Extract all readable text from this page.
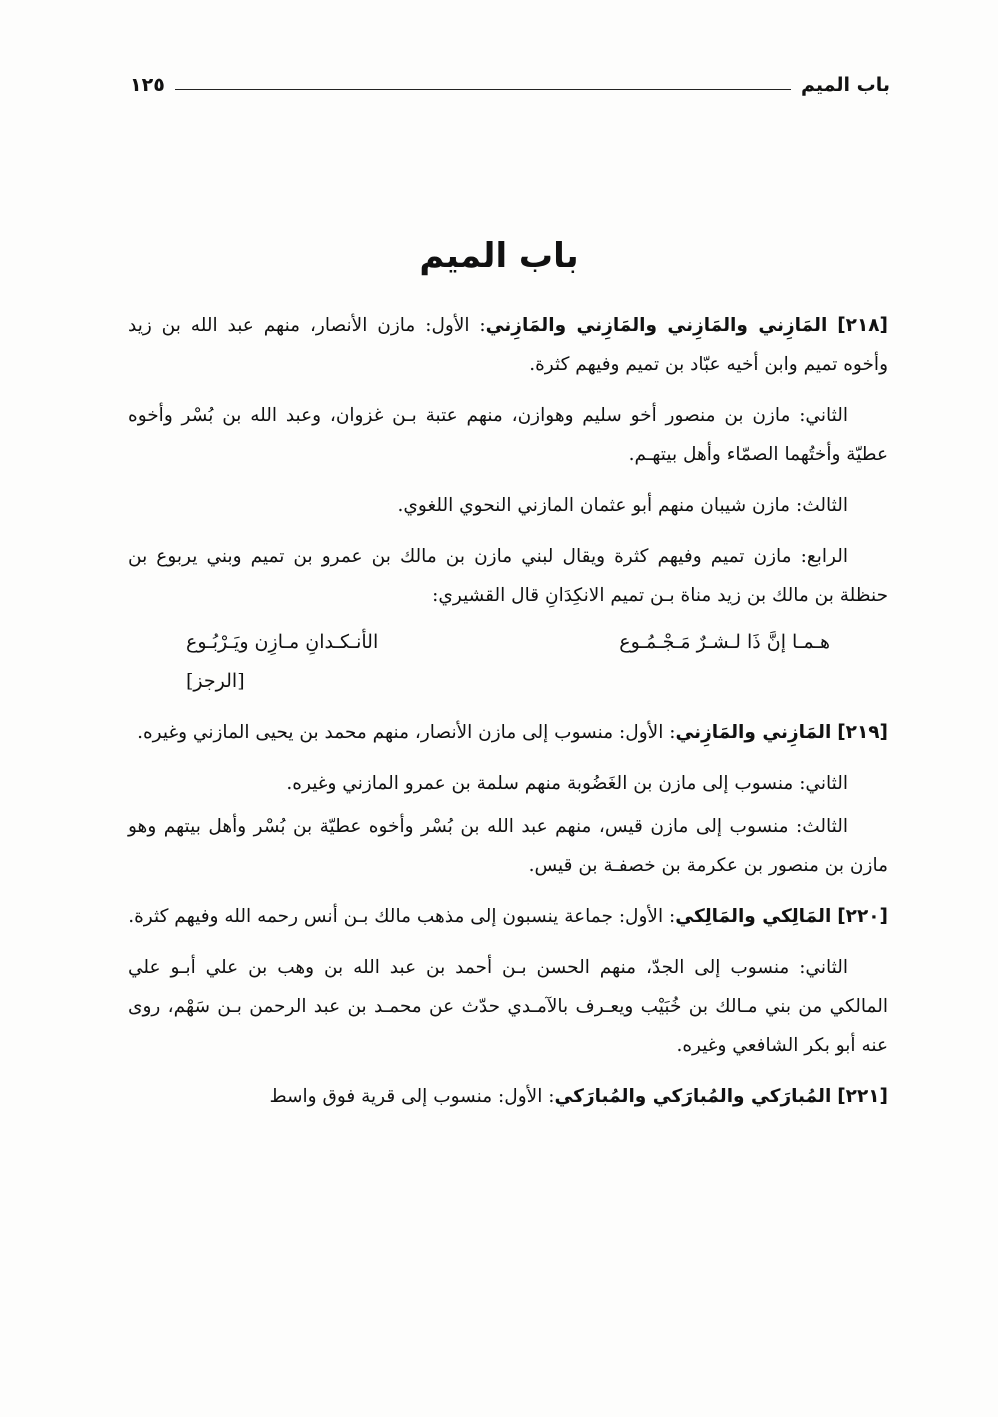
باب الميم
١٢٥
باب الميم

[٢١٨] المَازِني والمَازِني والمَازِني والمَازِني: الأول: مازن الأنصار، منهم عبد الله بن زيد وأخوه تميم وابن أخيه عبّاد بن تميم وفيهم كثرة.

الثاني: مازن بن منصور أخو سليم وهوازن، منهم عتبة بـن غزوان، وعبد الله بن بُسْر وأخوه عطيّة وأختُهما الصمّاء وأهل بيتهـم.

الثالث: مازن شيبان منهم أبو عثمان المازني النحوي اللغوي.

الرابع: مازن تميم وفيهم كثرة ويقال لبني مازن بن مالك بن عمرو بن تميم وبني يربوع بن حنظلة بن مالك بن زيد مناة بـن تميم الانكِدَانِ قال القشيري:

هـمـا إنَّ ذَا لـشـرٌ مَـجْـمُـوع
الأنـكـدانِ مـازِن ويَـرْبُـوع
[الرجز]

[٢١٩] المَازِني والمَازِني: الأول: منسوب إلى مازن الأنصار، منهم محمد بن يحيى المازني وغيره.

الثاني: منسوب إلى مازن بن الغَضُوبة منهم سلمة بن عمرو المازني وغيره.

الثالث: منسوب إلى مازن قيس، منهم عبد الله بن بُسْر وأخوه عطيّة بن بُسْر وأهل بيتهم وهو مازن بن منصور بن عكرمة بن خصفـة بن قيس.

[٢٢٠] المَالِكي والمَالِكي: الأول: جماعة ينسبون إلى مذهب مالك بـن أنس رحمه الله وفيهم كثرة.

الثاني: منسوب إلى الجدّ، منهم الحسن بـن أحمد بن عبد الله بن وهب بن علي أبـو علي المالكي من بني مـالك بن خُبَيْب ويعـرف بالآمـدي حدّث عن محمـد بن عبد الرحمن بـن سَهْم، روى عنه أبو بكر الشافعي وغيره.

[٢٢١] المُبارَكي والمُبارَكي والمُبارَكي: الأول: منسوب إلى قرية فوق واسط
